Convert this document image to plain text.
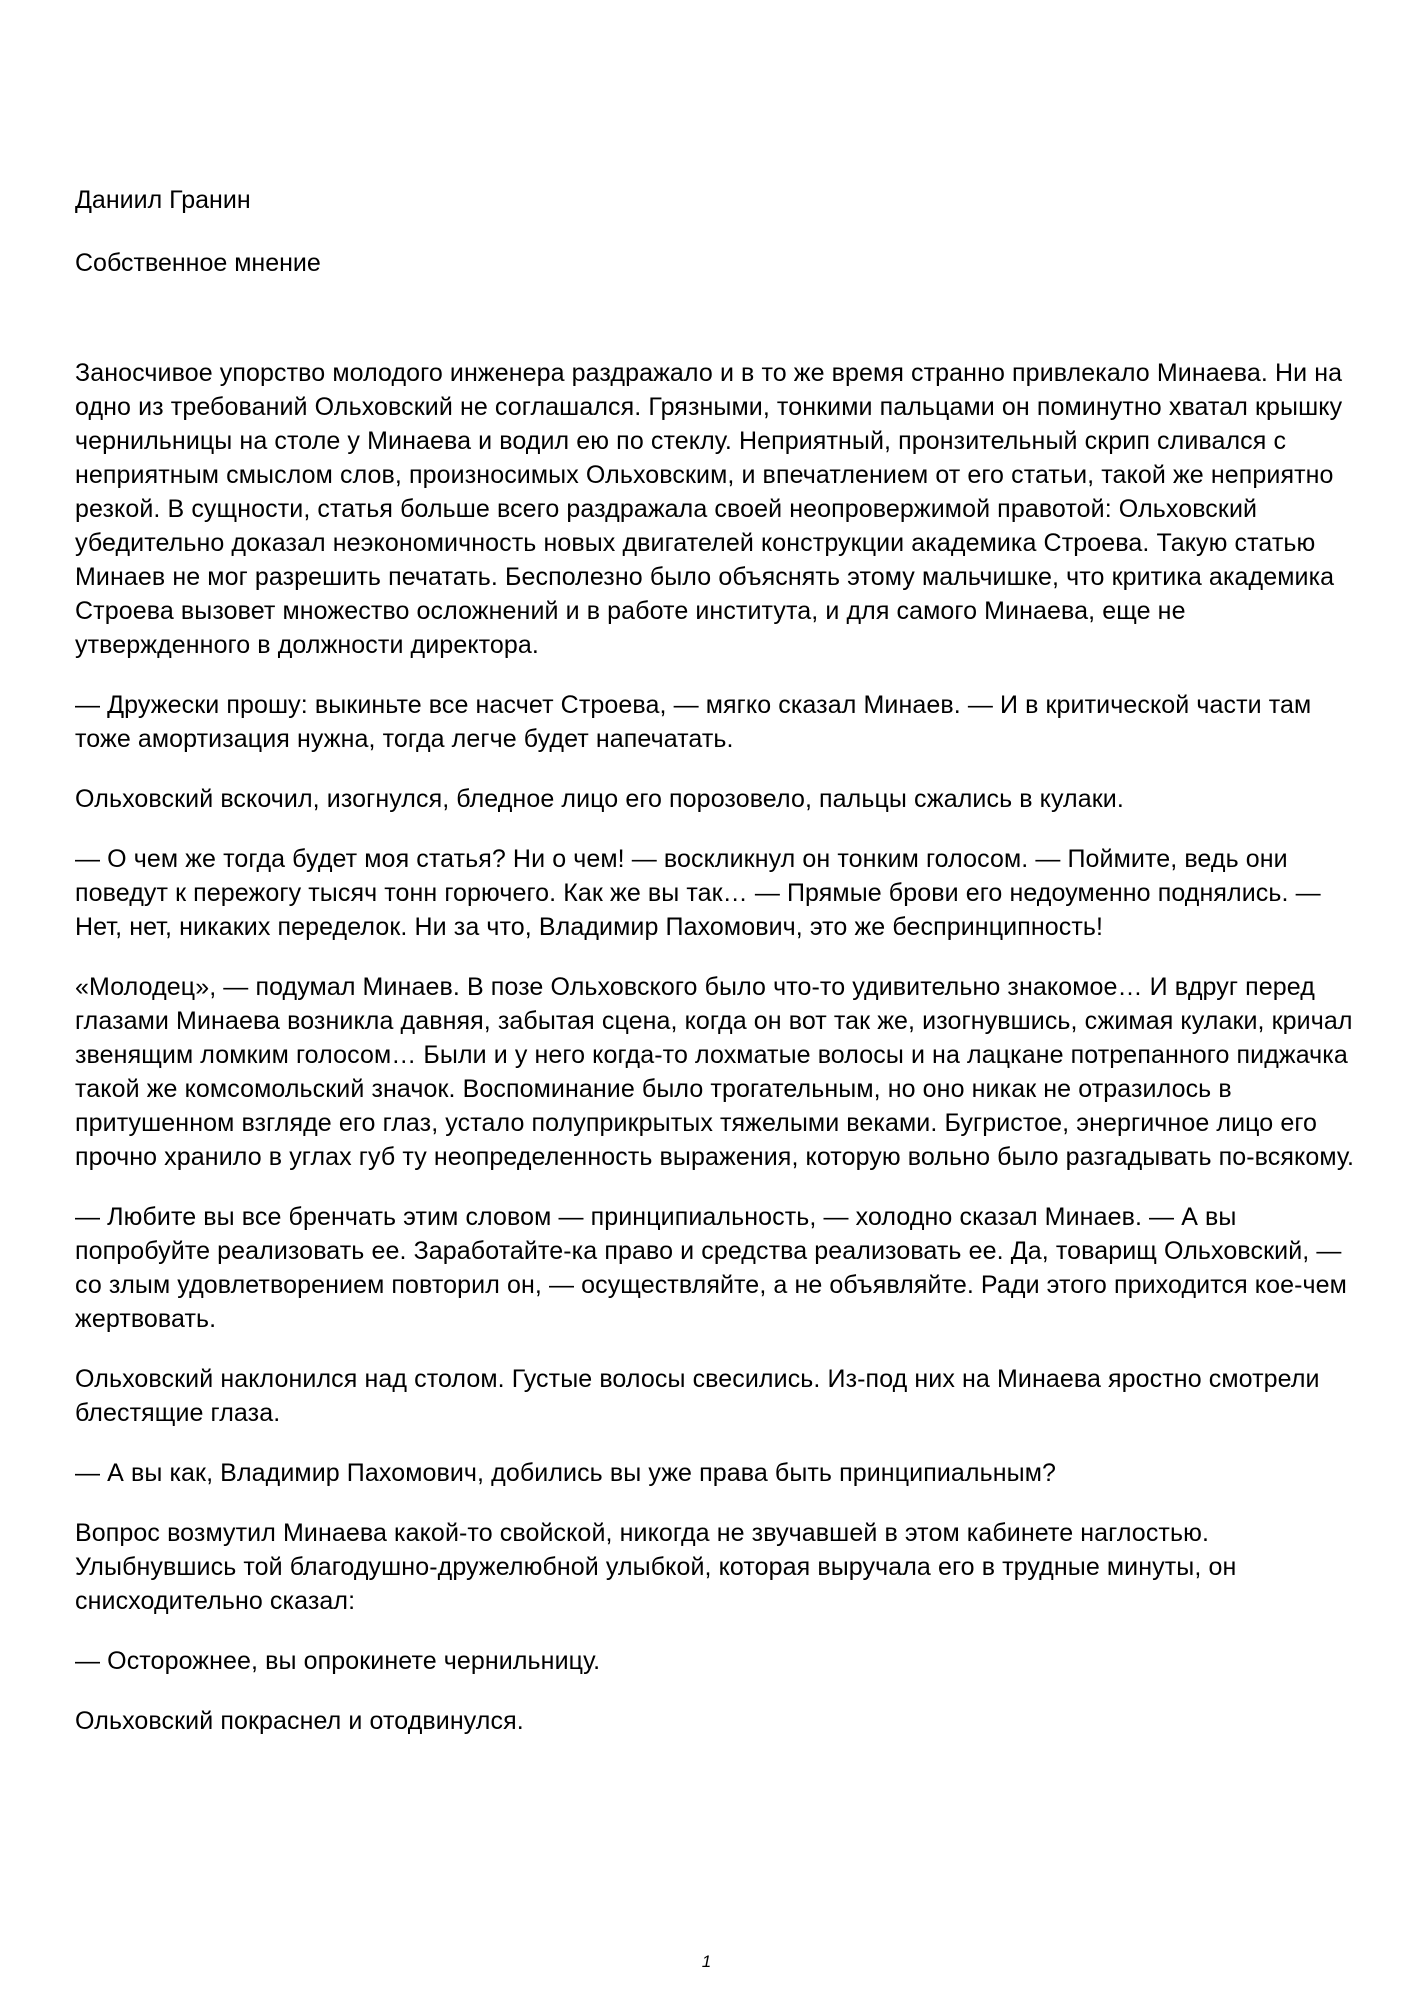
Даниил Гранин
Собственное мнение

Заносчивое упорство молодого инженера раздражало и в то же время странно привлекало Минаева. Ни на одно из требований Ольховский не соглашался. Грязными, тонкими пальцами он поминутно хватал крышку чернильницы на столе у Минаева и водил ею по стеклу. Неприятный, пронзительный скрип сливался с неприятным смыслом слов, произносимых Ольховским, и впечатлением от его статьи, такой же неприятно резкой. В сущности, статья больше всего раздражала своей неопровержимой правотой: Ольховский убедительно доказал неэкономичность новых двигателей конструкции академика Строева. Такую статью Минаев не мог разрешить печатать. Бесполезно было объяснять этому мальчишке, что критика академика Строева вызовет множество осложнений и в работе института, и для самого Минаева, еще не утвержденного в должности директора.

— Дружески прошу: выкиньте все насчет Строева, — мягко сказал Минаев. — И в критической части там тоже амортизация нужна, тогда легче будет напечатать.

Ольховский вскочил, изогнулся, бледное лицо его порозовело, пальцы сжались в кулаки.

— О чем же тогда будет моя статья? Ни о чем! — воскликнул он тонким голосом. — Поймите, ведь они поведут к пережогу тысяч тонн горючего. Как же вы так… — Прямые брови его недоуменно поднялись. — Нет, нет, никаких переделок. Ни за что, Владимир Пахомович, это же беспринципность!

«Молодец», — подумал Минаев. В позе Ольховского было что-то удивительно знакомое… И вдруг перед глазами Минаева возникла давняя, забытая сцена, когда он вот так же, изогнувшись, сжимая кулаки, кричал звенящим ломким голосом… Были и у него когда-то лохматые волосы и на лацкане потрепанного пиджачка такой же комсомольский значок. Воспоминание было трогательным, но оно никак не отразилось в притушенном взгляде его глаз, устало полуприкрытых тяжелыми веками. Бугристое, энергичное лицо его прочно хранило в углах губ ту неопределенность выражения, которую вольно было разгадывать по-всякому.

— Любите вы все бренчать этим словом — принципиальность, — холодно сказал Минаев. — А вы попробуйте реализовать ее. Заработайте-ка право и средства реализовать ее. Да, товарищ Ольховский, — со злым удовлетворением повторил он, — осуществляйте, а не объявляйте. Ради этого приходится кое-чем жертвовать.

Ольховский наклонился над столом. Густые волосы свесились. Из-под них на Минаева яростно смотрели блестящие глаза.

— А вы как, Владимир Пахомович, добились вы уже права быть принципиальным?

Вопрос возмутил Минаева какой-то свойской, никогда не звучавшей в этом кабинете наглостью. Улыбнувшись той благодушно-дружелюбной улыбкой, которая выручала его в трудные минуты, он снисходительно сказал:

— Осторожнее, вы опрокинете чернильницу.

Ольховский покраснел и отодвинулся.

1
